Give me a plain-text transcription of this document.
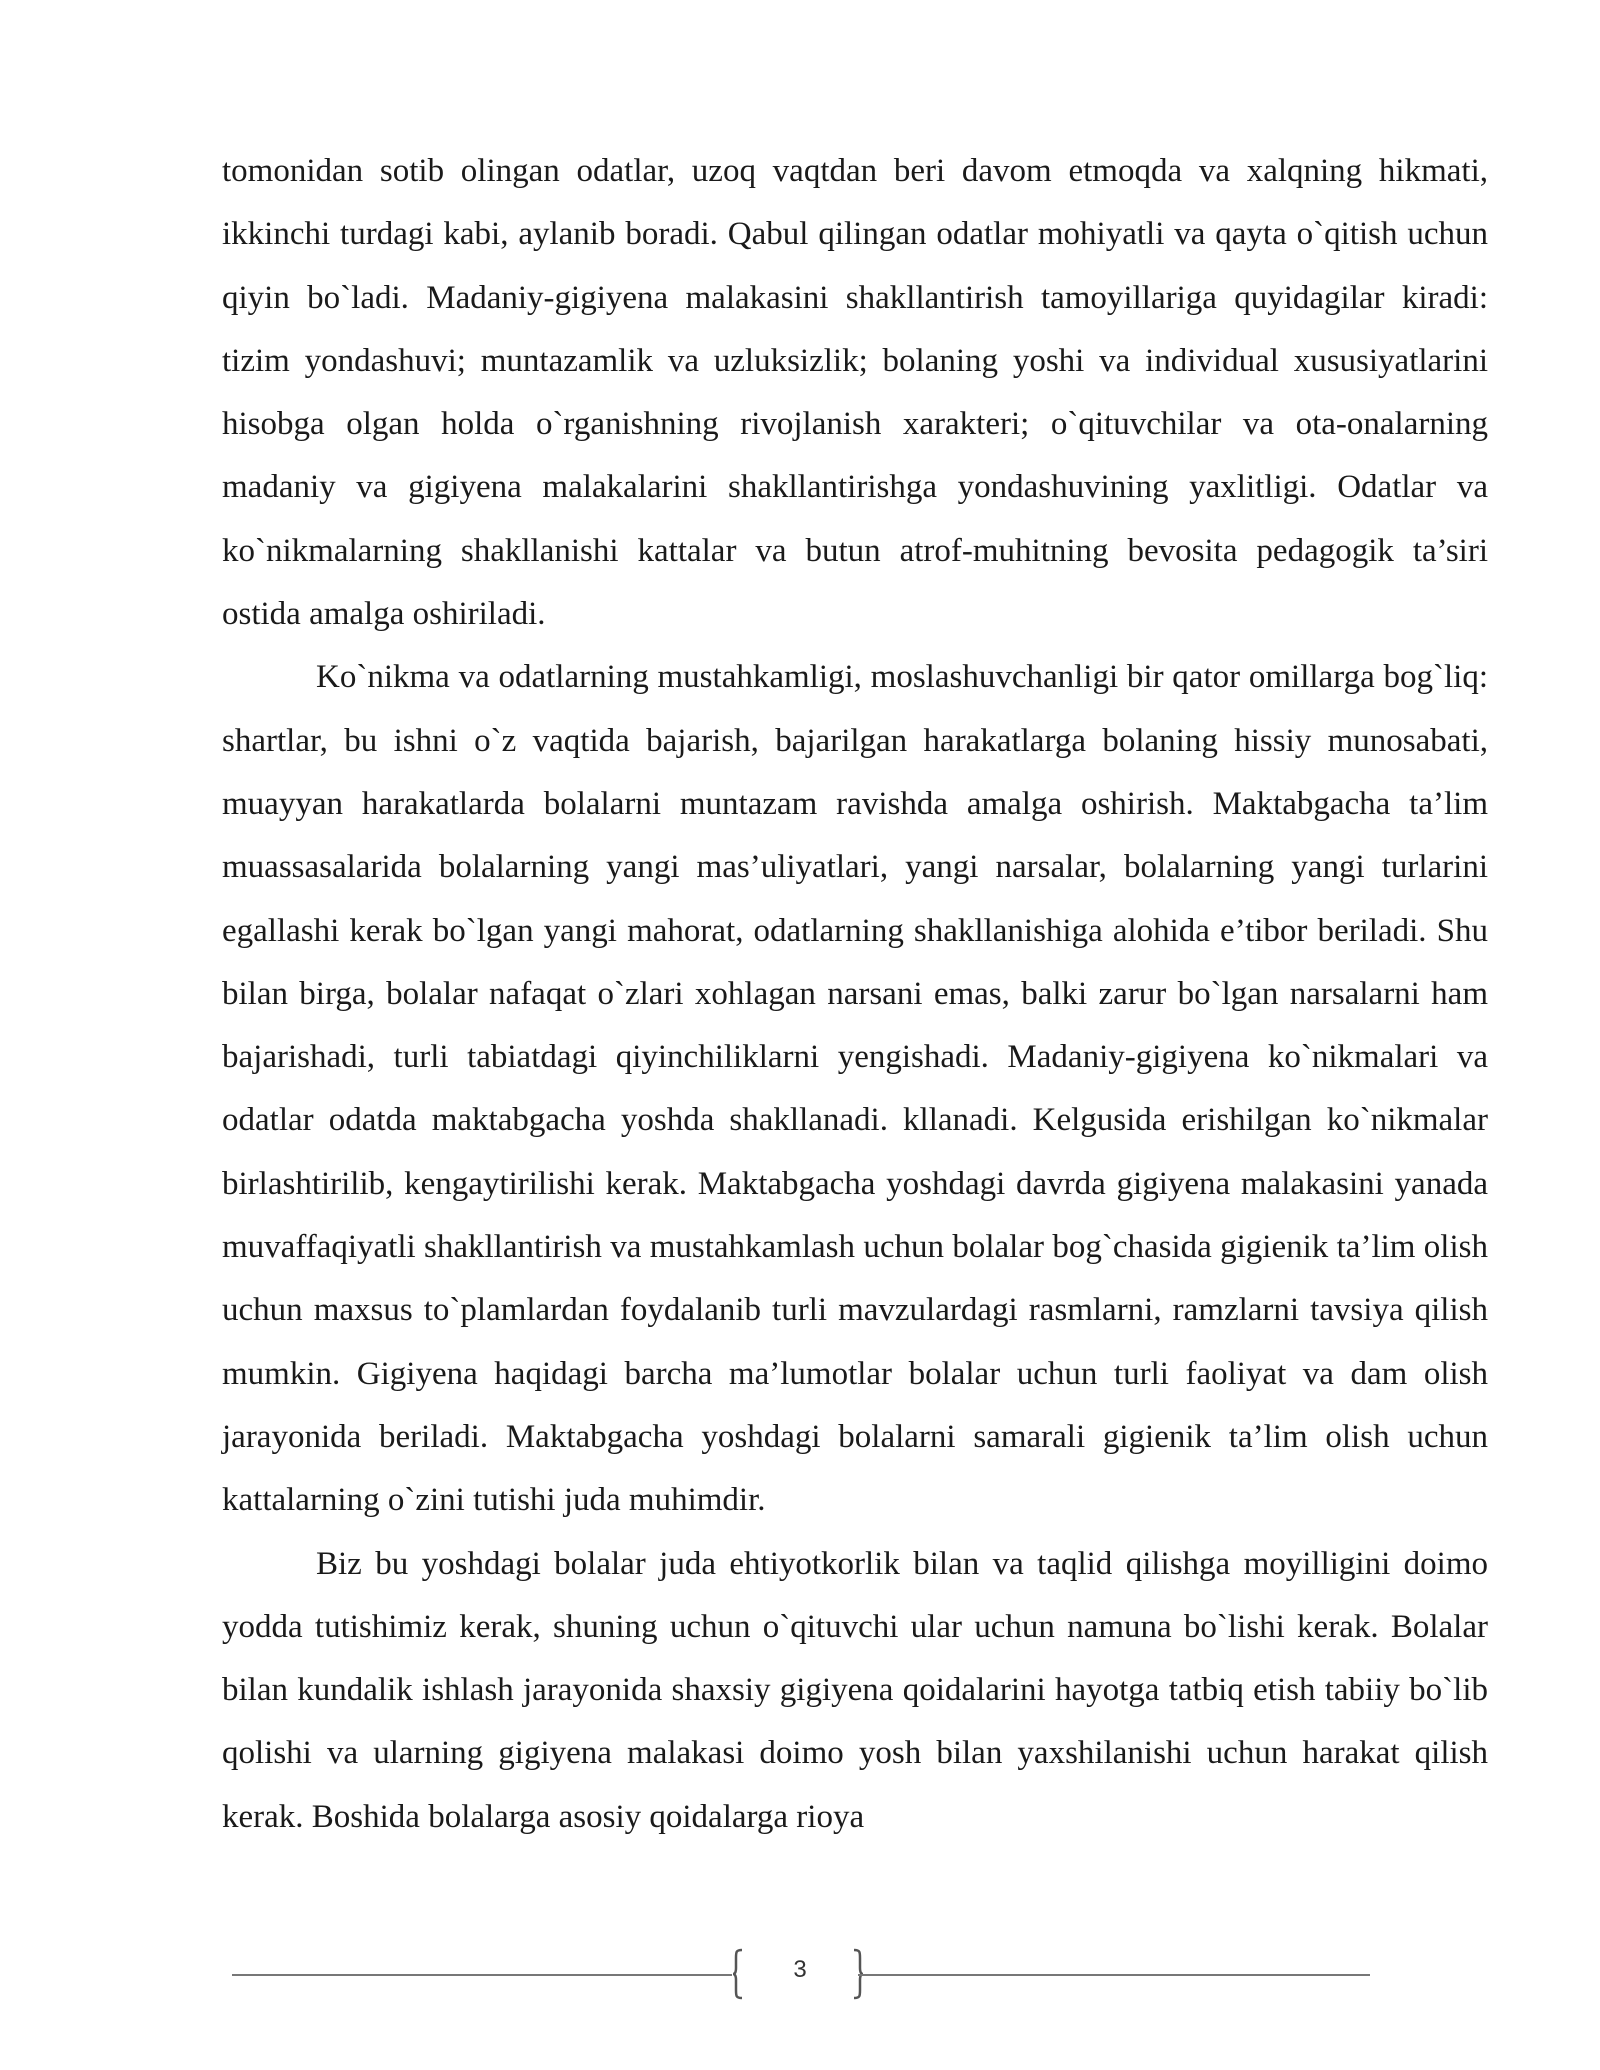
tomonidan sotib olingan odatlar, uzoq vaqtdan beri davom etmoqda va xalqning hikmati, ikkinchi turdagi kabi, aylanib boradi. Qabul qilingan odatlar mohiyatli va qayta o`qitish uchun qiyin bo`ladi. Madaniy-gigiyena malakasini shakllantirish tamoyillariga quyidagilar kiradi: tizim yondashuvi; muntazamlik va uzluksizlik; bolaning yoshi va individual xususiyatlarini hisobga olgan holda o`rganishning rivojlanish xarakteri; o`qituvchilar va ota-onalarning madaniy va gigiyena malakalarini shakllantirishga yondashuvining yaxlitligi. Odatlar va ko`nikmalarning shakllanishi kattalar va butun atrof-muhitning bevosita pedagogik ta’siri ostida amalga oshiriladi.

Ko`nikma va odatlarning mustahkamligi, moslashuvchanligi bir qator omillarga bog`liq: shartlar, bu ishni o`z vaqtida bajarish, bajarilgan harakatlarga bolaning hissiy munosabati, muayyan harakatlarda bolalarni muntazam ravishda amalga oshirish. Maktabgacha ta’lim muassasalarida bolalarning yangi mas’uliyatlari, yangi narsalar, bolalarning yangi turlarini egallashi kerak bo`lgan yangi mahorat, odatlarning shakllanishiga alohida e’tibor beriladi. Shu bilan birga, bolalar nafaqat o`zlari xohlagan narsani emas, balki zarur bo`lgan narsalarni ham bajarishadi, turli tabiatdagi qiyinchiliklarni yengishadi. Madaniy-gigiyena ko`nikmalari va odatlar odatda maktabgacha yoshda shakllanadi. kllanadi. Kelgusida erishilgan ko`nikmalar birlashtirilib, kengaytirilishi kerak. Maktabgacha yoshdagi davrda gigiyena malakasini yanada muvaffaqiyatli shakllantirish va mustahkamlash uchun bolalar bog`chasida gigienik ta’lim olish uchun maxsus to`plamlardan foydalanib turli mavzulardagi rasmlarni, ramzlarni tavsiya qilish mumkin. Gigiyena haqidagi barcha ma’lumotlar bolalar uchun turli faoliyat va dam olish jarayonida beriladi. Maktabgacha yoshdagi bolalarni samarali gigienik ta’lim olish uchun kattalarning o`zini tutishi juda muhimdir.

Biz bu yoshdagi bolalar juda ehtiyotkorlik bilan va taqlid qilishga moyilligini doimo yodda tutishimiz kerak, shuning uchun o`qituvchi ular uchun namuna bo`lishi kerak. Bolalar bilan kundalik ishlash jarayonida shaxsiy gigiyena qoidalarini hayotga tatbiq etish tabiiy bo`lib qolishi va ularning gigiyena malakasi doimo yosh bilan yaxshilanishi uchun harakat qilish kerak. Boshida bolalarga asosiy qoidalarga rioya

3
